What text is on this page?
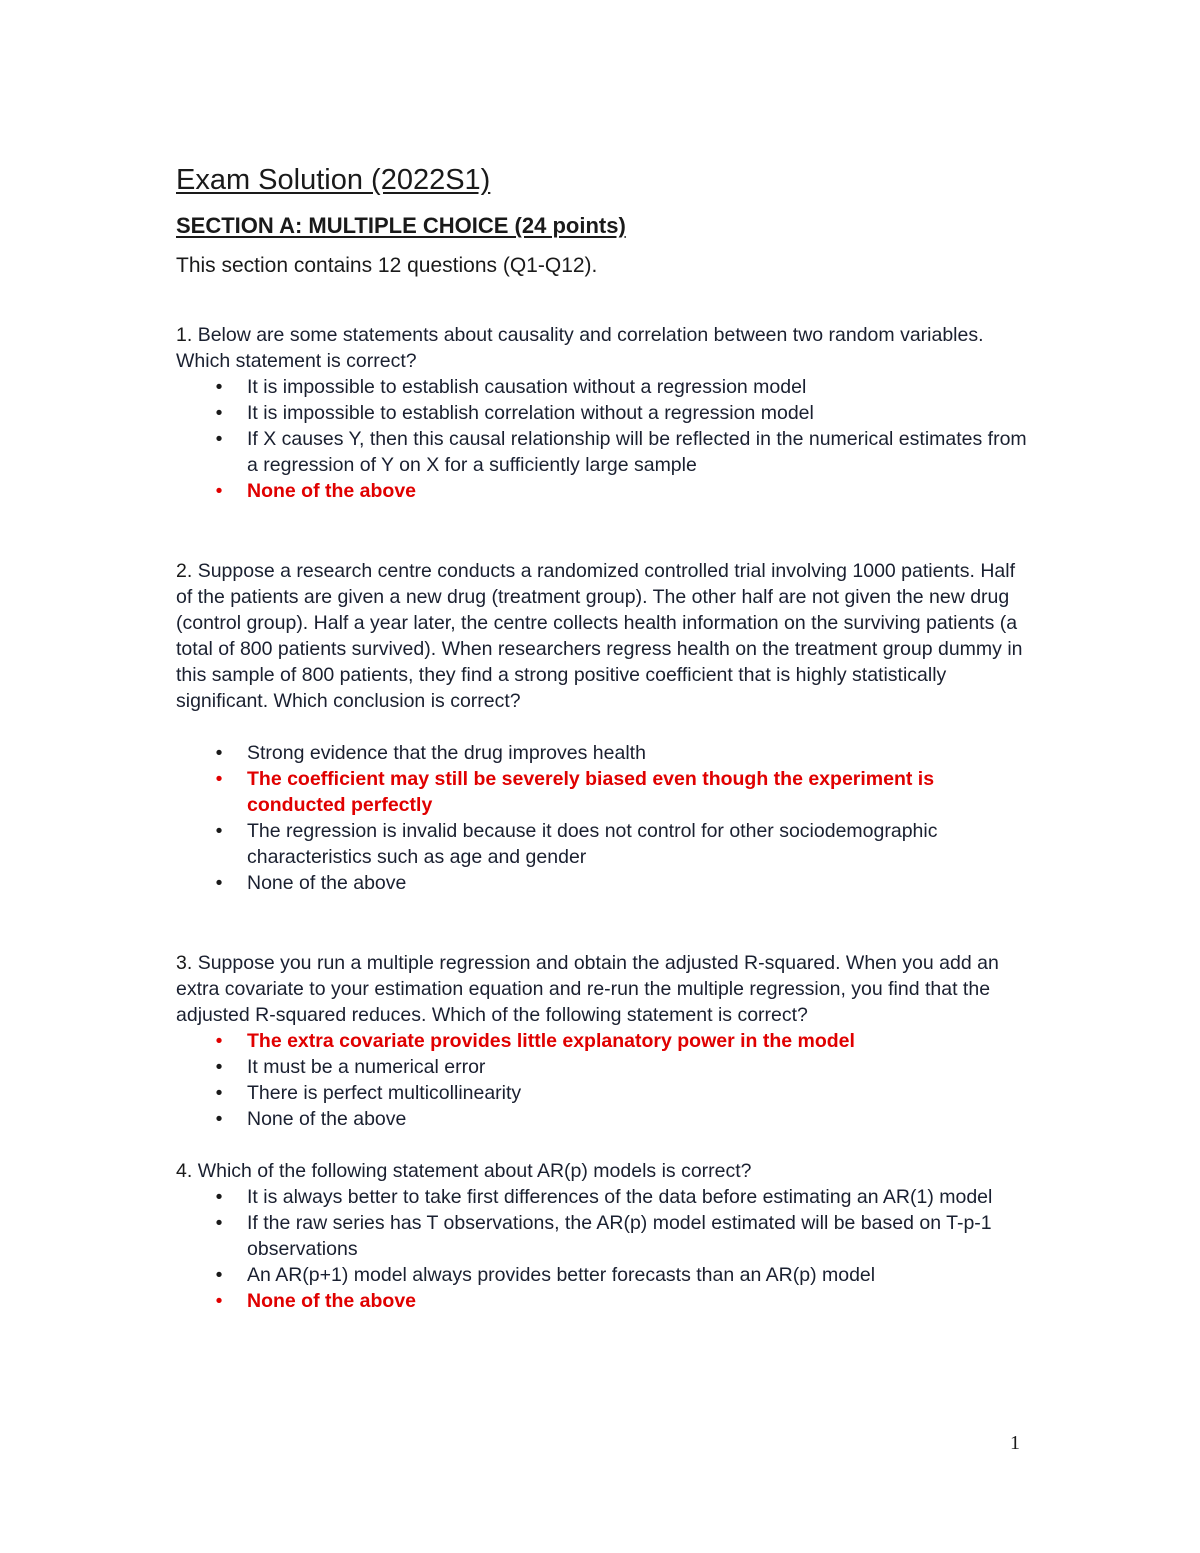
Exam Solution (2022S1)
SECTION A: MULTIPLE CHOICE (24 points)

This section contains 12 questions (Q1-Q12).

1. Below are some statements about causality and correlation between two random variables. Which statement is correct?

• It is impossible to establish causation without a regression model
• It is impossible to establish correlation without a regression model
• If X causes Y, then this causal relationship will be reflected in the numerical estimates from a regression of Y on X for a sufficiently large sample
• None of the above

2. Suppose a research centre conducts a randomized controlled trial involving 1000 patients. Half of the patients are given a new drug (treatment group). The other half are not given the new drug (control group). Half a year later, the centre collects health information on the surviving patients (a total of 800 patients survived). When researchers regress health on the treatment group dummy in this sample of 800 patients, they find a strong positive coefficient that is highly statistically significant. Which conclusion is correct?

• Strong evidence that the drug improves health
• The coefficient may still be severely biased even though the experiment is conducted perfectly
• The regression is invalid because it does not control for other sociodemographic characteristics such as age and gender
• None of the above

3. Suppose you run a multiple regression and obtain the adjusted R-squared. When you add an extra covariate to your estimation equation and re-run the multiple regression, you find that the adjusted R-squared reduces. Which of the following statement is correct?

• The extra covariate provides little explanatory power in the model
• It must be a numerical error
• There is perfect multicollinearity
• None of the above

4. Which of the following statement about AR(p) models is correct?

• It is always better to take first differences of the data before estimating an AR(1) model
• If the raw series has T observations, the AR(p) model estimated will be based on T-p-1 observations
• An AR(p+1) model always provides better forecasts than an AR(p) model
• None of the above
1
